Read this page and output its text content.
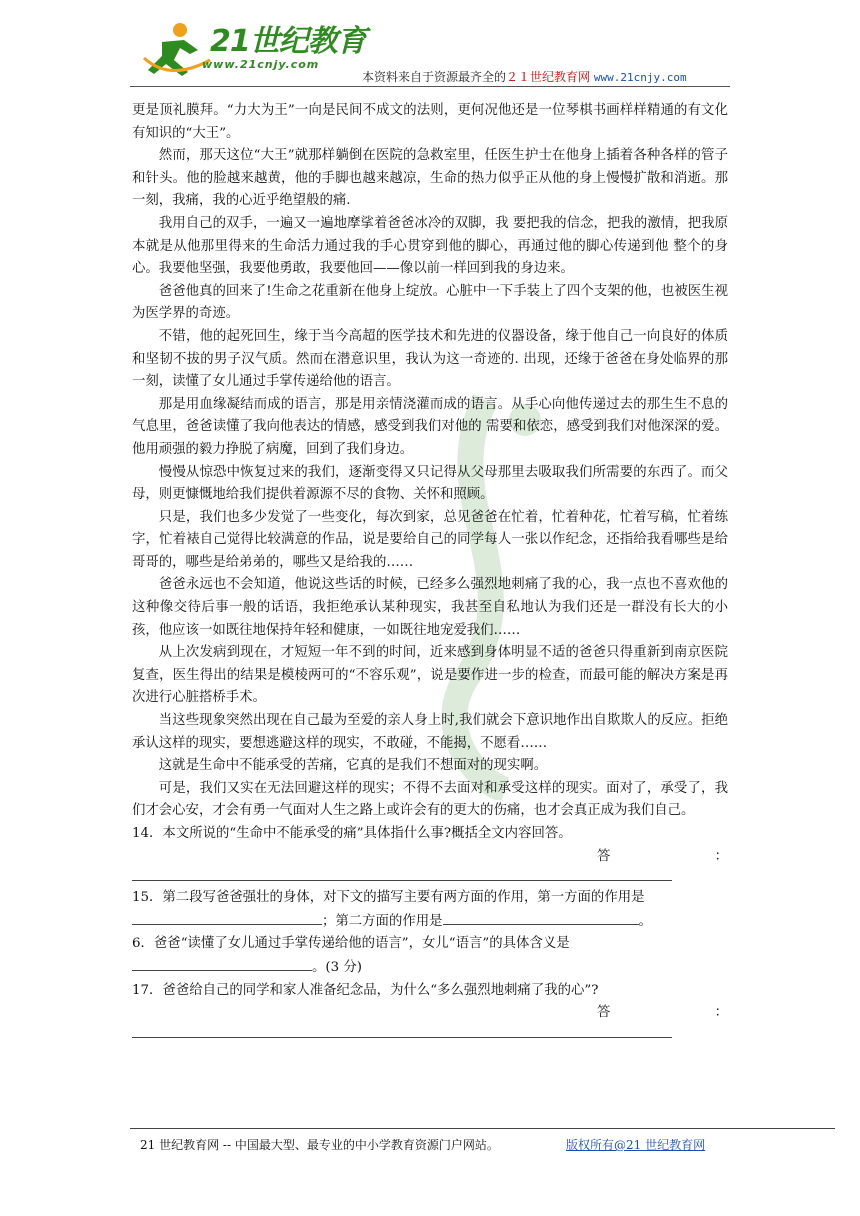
21世纪教育
www.21cnjy.com
本资料来自于资源最齐全的２１世纪教育网 www.21cnjy.com

更是顶礼膜拜。“力大为王”一向是民间不成文的法则，更何况他还是一位琴棋书画样样精通的有文化有知识的“大王”。

然而，那天这位“大王”就那样躺倒在医院的急救室里，任医生护士在他身上插着各种各样的管子和针头。他的脸越来越黄，他的手脚也越来越凉，生命的热力似乎正从他的身上慢慢扩散和消逝。那一刻，我痛，我的心近乎绝望般的痛.

我用自己的双手，一遍又一遍地摩挲着爸爸冰冷的双脚，我 要把我的信念，把我的激情，把我原本就是从他那里得来的生命活力通过我的手心贯穿到他的脚心，再通过他的脚心传递到他 整个的身心。我要他坚强，我要他勇敢，我要他回——像以前一样回到我的身边来。

爸爸他真的回来了!生命之花重新在他身上绽放。心脏中一下手装上了四个支架的他，也被医生视为医学界的奇迹。

不错，他的起死回生，缘于当今高超的医学技术和先进的仪器设备，缘于他自己一向良好的体质和坚韧不拔的男子汉气质。然而在潜意识里，我认为这一奇迹的. 出现，还缘于爸爸在身处临界的那一刻，读懂了女儿通过手掌传递给他的语言。

那是用血缘凝结而成的语言，那是用亲情浇灌而成的语言。从手心向他传递过去的那生生不息的气息里，爸爸读懂了我向他表达的情感，感受到我们对他的 需要和依恋，感受到我们对他深深的爱。他用顽强的毅力挣脱了病魔，回到了我们身边。

慢慢从惊恐中恢复过来的我们，逐渐变得又只记得从父母那里去吸取我们所需要的东西了。而父母，则更慷慨地给我们提供着源源不尽的食物、关怀和照顾。

只是，我们也多少发觉了一些变化，每次到家，总见爸爸在忙着，忙着种花，忙着写稿，忙着练字，忙着裱自己觉得比较满意的作品，说是要给自己的同学每人一张以作纪念，还指给我看哪些是给哥哥的，哪些是给弟弟的，哪些又是给我的……

爸爸永远也不会知道，他说这些话的时候，已经多么强烈地刺痛了我的心，我一点也不喜欢他的这种像交待后事一般的话语，我拒绝承认某种现实，我甚至自私地认为我们还是一群没有长大的小孩，他应该一如既往地保持年轻和健康，一如既往地宠爱我们……

从上次发病到现在，才短短一年不到的时间，近来感到身体明显不适的爸爸只得重新到南京医院复查，医生得出的结果是模棱两可的“不容乐观”，说是要作进一步的检查，而最可能的解决方案是再次进行心脏搭桥手术。

当这些现象突然出现在自己最为至爱的亲人身上时,我们就会下意识地作出自欺欺人的反应。拒绝承认这样的现实，要想逃避这样的现实，不敢碰，不能揭，不愿看……

这就是生命中不能承受的苦痛，它真的是我们不想面对的现实啊。

可是，我们又实在无法回避这样的现实；不得不去面对和承受这样的现实。面对了，承受了，我们才会心安，才会有勇一气面对人生之路上或许会有的更大的伤痛，也才会真正成为我们自己。

14．本文所说的“生命中不能承受的痛”具体指什么事?概括全文内容回答。

答	：

15．第二段写爸爸强壮的身体，对下文的描写主要有两方面的作用，第一方面的作用是

；第二方面的作用是	。

6．爸爸“读懂了女儿通过手掌传递给他的语言”，女儿“语言”的具体含义是

。(3 分)

17．爸爸给自己的同学和家人准备纪念品，为什么“多么强烈地刺痛了我的心”?

答	：
21 世纪教育网 -- 中国最大型、最专业的中小学教育资源门户网站。	版权所有@21 世纪教育网
